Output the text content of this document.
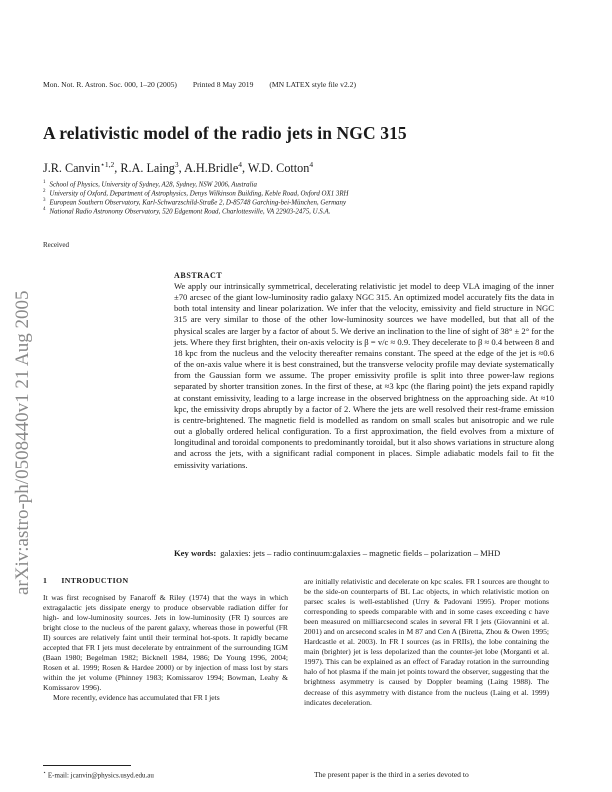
arXiv:astro-ph/0508440v1 21 Aug 2005
Mon. Not. R. Astron. Soc. 000, 1–20 (2005) Printed 8 May 2019 (MN LATEX style file v2.2)
A relativistic model of the radio jets in NGC 315
J.R. Canvin$^{⋆1,2}$, R.A. Laing$^3$, A.H.Bridle$^4$, W.D. Cotton$^4$
$^1$ School of Physics, University of Sydney, A28, Sydney, NSW 2006, Australia
$^2$ University of Oxford, Department of Astrophysics, Denys Wilkinson Building, Keble Road, Oxford OX1 3RH
$^3$ European Southern Observatory, Karl-Schwarzschild-Straße 2, D-85748 Garching-bei-München, Germany
$^4$ National Radio Astronomy Observatory, 520 Edgemont Road, Charlottesville, VA 22903-2475, U.S.A.
Received
ABSTRACT
We apply our intrinsically symmetrical, decelerating relativistic jet model to deep VLA imaging of the inner ±70 arcsec of the giant low-luminosity radio galaxy NGC 315. An optimized model accurately fits the data in both total intensity and linear polarization. We infer that the velocity, emissivity and field structure in NGC 315 are very similar to those of the other low-luminosity sources we have modelled, but that all of the physical scales are larger by a factor of about 5. We derive an inclination to the line of sight of 38° ± 2° for the jets. Where they first brighten, their on-axis velocity is β = v/c ≈ 0.9. They decelerate to β ≈ 0.4 between 8 and 18 kpc from the nucleus and the velocity thereafter remains constant. The speed at the edge of the jet is ≈0.6 of the on-axis value where it is best constrained, but the transverse velocity profile may deviate systematically from the Gaussian form we assume. The proper emissivity profile is split into three power-law regions separated by shorter transition zones. In the first of these, at ≈3 kpc (the flaring point) the jets expand rapidly at constant emissivity, leading to a large increase in the observed brightness on the approaching side. At ≈10 kpc, the emissivity drops abruptly by a factor of 2. Where the jets are well resolved their rest-frame emission is centre-brightened. The magnetic field is modelled as random on small scales but anisotropic and we rule out a globally ordered helical configuration. To a first approximation, the field evolves from a mixture of longitudinal and toroidal components to predominantly toroidal, but it also shows variations in structure along and across the jets, with a significant radial component in places. Simple adiabatic models fail to fit the emissivity variations.
Key words: galaxies: jets – radio continuum:galaxies – magnetic fields – polarization – MHD
1 INTRODUCTION

It was first recognised by Fanaroff & Riley (1974) that the ways in which extragalactic jets dissipate energy to produce observable radiation differ for high- and low-luminosity sources. Jets in low-luminosity (FR I) sources are bright close to the nucleus of the parent galaxy, whereas those in powerful (FR II) sources are relatively faint until their terminal hot-spots. It rapidly became accepted that FR I jets must decelerate by entrainment of the surrounding IGM (Baan 1980; Begelman 1982; Bicknell 1984, 1986; De Young 1996, 2004; Rosen et al. 1999; Rosen & Hardee 2000) or by injection of mass lost by stars within the jet volume (Phinney 1983; Komissarov 1994; Bowman, Leahy & Komissarov 1996).

More recently, evidence has accumulated that FR I jets

are initially relativistic and decelerate on kpc scales. FR I sources are thought to be the side-on counterparts of BL Lac objects, in which relativistic motion on parsec scales is well-established (Urry & Padovani 1995). Proper motions corresponding to speeds comparable with and in some cases exceeding c have been measured on milliarcsecond scales in several FR I jets (Giovannini et al. 2001) and on arcsecond scales in M 87 and Cen A (Biretta, Zhou & Owen 1995; Hardcastle et al. 2003). In FR I sources (as in FRIIs), the lobe containing the main (brighter) jet is less depolarized than the counter-jet lobe (Morganti et al. 1997). This can be explained as an effect of Faraday rotation in the surrounding halo of hot plasma if the main jet points toward the observer, suggesting that the brightness asymmetry is caused by Doppler beaming (Laing 1988). The decrease of this asymmetry with distance from the nucleus (Laing et al. 1999) indicates deceleration.

⋆ E-mail: jcanvin@physics.usyd.edu.au	The present paper is the third in a series devoted to
